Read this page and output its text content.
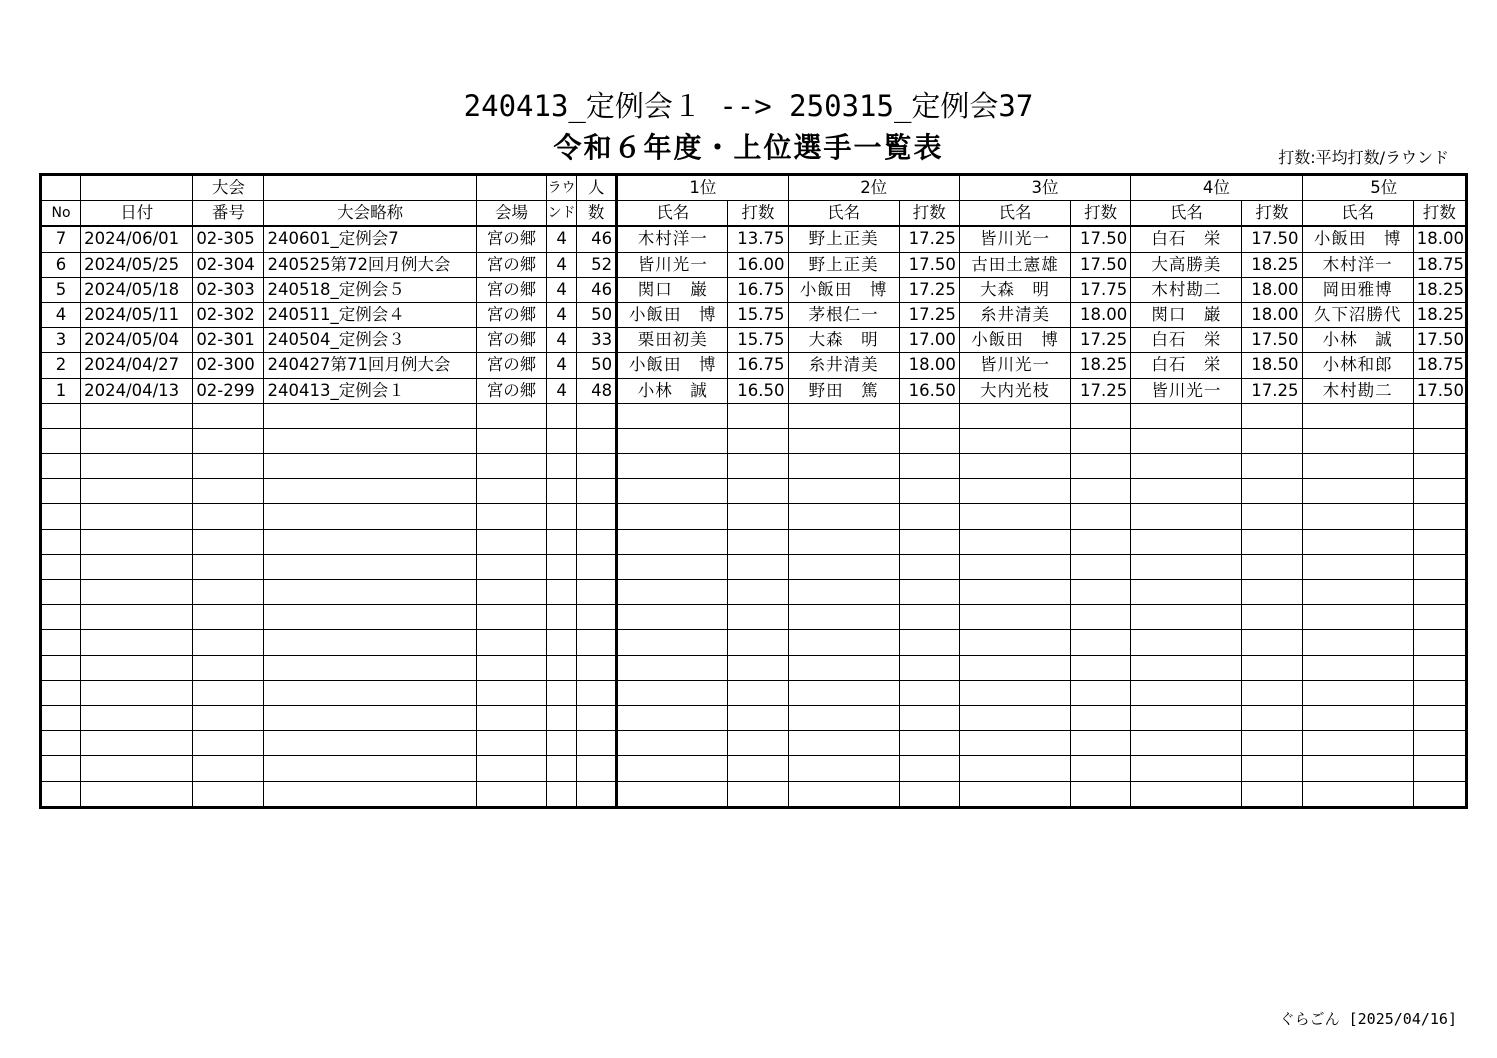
240413_定例会１ --> 250315_定例会37
令和６年度・上位選手一覧表	打数:平均打数/ラウンド
		大会			ラウ	人	1位		2位		3位		4位		5位	
No	日付	番号	大会略称	会場	ンド	数	氏名	打数	氏名	打数	氏名	打数	氏名	打数	氏名	打数
7	2024/06/01	02-305	240601_定例会7	宮の郷	4	46	木村洋一	13.75	野上正美	17.25	皆川光一	17.50	白石　栄	17.50	小飯田　博	18.00
6	2024/05/25	02-304	240525第72回月例大会	宮の郷	4	52	皆川光一	16.00	野上正美	17.50	古田土憲雄	17.50	大高勝美	18.25	木村洋一	18.75
5	2024/05/18	02-303	240518_定例会５	宮の郷	4	46	関口　巌	16.75	小飯田　博	17.25	大森　明	17.75	木村勘二	18.00	岡田雅博	18.25
4	2024/05/11	02-302	240511_定例会４	宮の郷	4	50	小飯田　博	15.75	茅根仁一	17.25	糸井清美	18.00	関口　巌	18.00	久下沼勝代	18.25
3	2024/05/04	02-301	240504_定例会３	宮の郷	4	33	栗田初美	15.75	大森　明	17.00	小飯田　博	17.25	白石　栄	17.50	小林　誠	17.50
2	2024/04/27	02-300	240427第71回月例大会	宮の郷	4	50	小飯田　博	16.75	糸井清美	18.00	皆川光一	18.25	白石　栄	18.50	小林和郎	18.75
1	2024/04/13	02-299	240413_定例会１	宮の郷	4	48	小林　誠	16.50	野田　篤	16.50	大内光枝	17.25	皆川光一	17.25	木村勘二	17.50

ぐらごん [2025/04/16]
